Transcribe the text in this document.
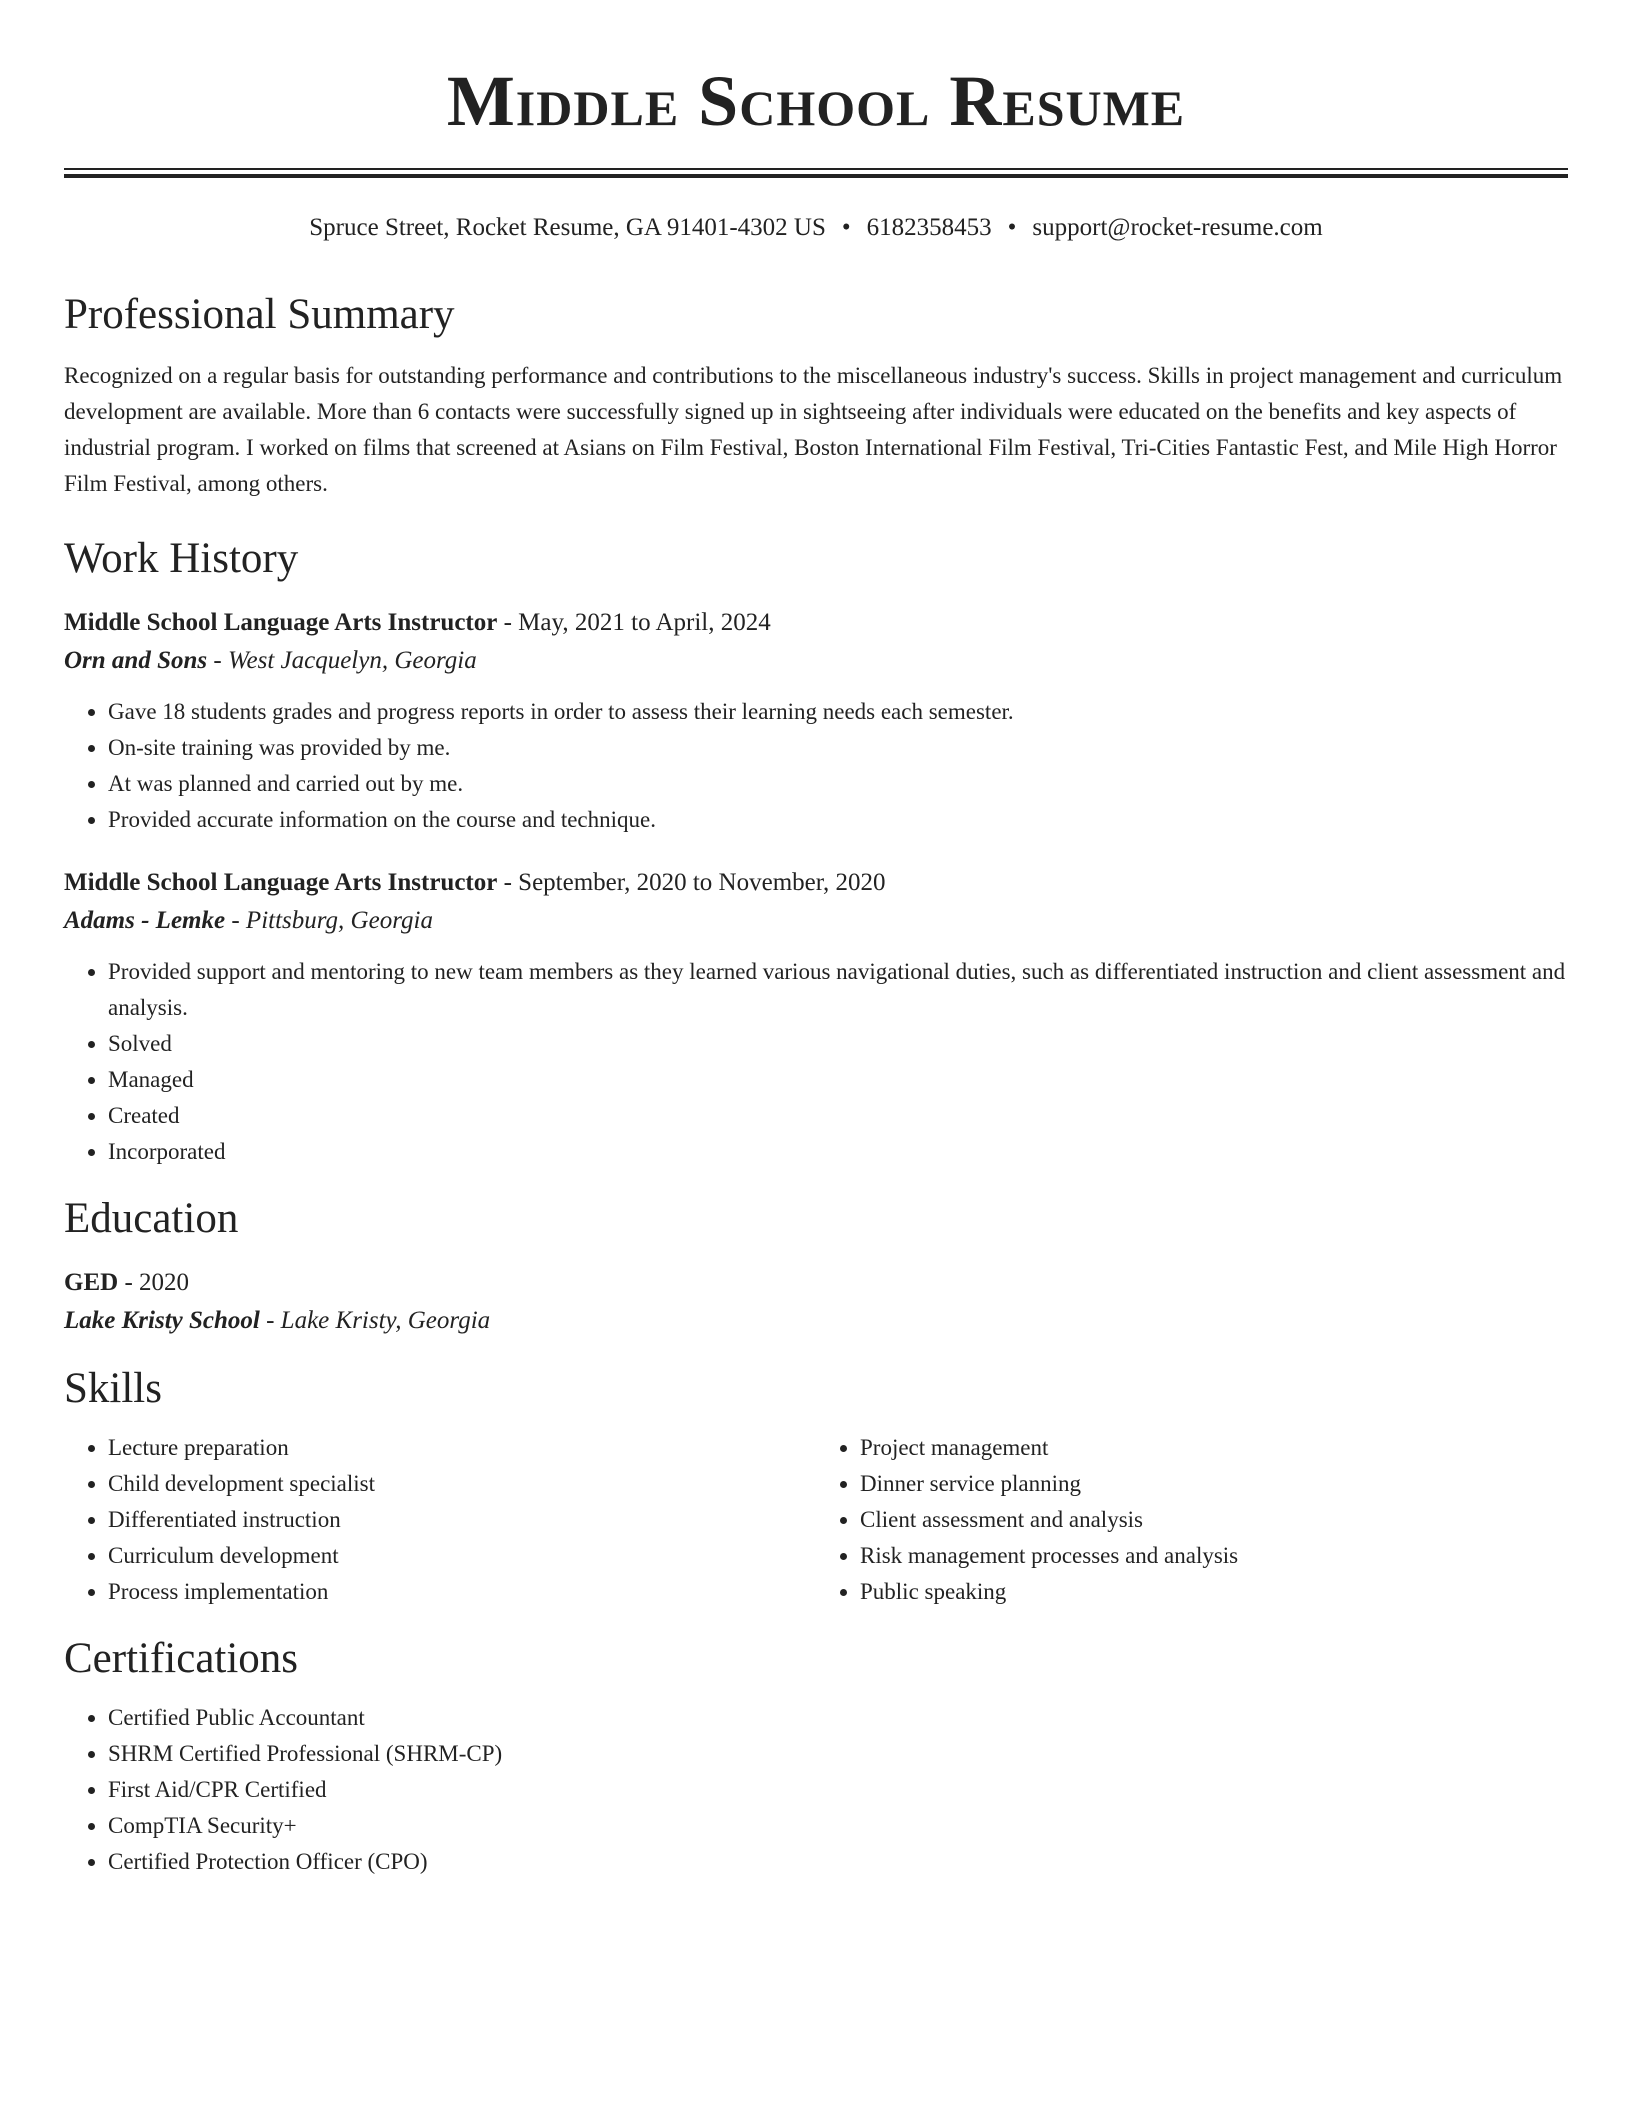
Middle School Resume
Spruce Street, Rocket Resume, GA 91401-4302 US • 6182358453 • support@rocket-resume.com
Professional Summary

Recognized on a regular basis for outstanding performance and contributions to the miscellaneous industry's success. Skills in project management and curriculum development are available. More than 6 contacts were successfully signed up in sightseeing after individuals were educated on the benefits and key aspects of industrial program. I worked on films that screened at Asians on Film Festival, Boston International Film Festival, Tri-Cities Fantastic Fest, and Mile High Horror Film Festival, among others.

Work History
Middle School Language Arts Instructor - May, 2021 to April, 2024
Orn and Sons - West Jacquelyn, Georgia
• Gave 18 students grades and progress reports in order to assess their learning needs each semester.
• On-site training was provided by me.
• At was planned and carried out by me.
• Provided accurate information on the course and technique.
Middle School Language Arts Instructor - September, 2020 to November, 2020
Adams - Lemke - Pittsburg, Georgia
• Provided support and mentoring to new team members as they learned various navigational duties, such as differentiated instruction and client assessment and analysis.
• Solved
• Managed
• Created
• Incorporated
Education
GED - 2020
Lake Kristy School - Lake Kristy, Georgia
Skills
• Lecture preparation
• Child development specialist
• Differentiated instruction
• Curriculum development
• Process implementation
• Project management
• Dinner service planning
• Client assessment and analysis
• Risk management processes and analysis
• Public speaking
Certifications
• Certified Public Accountant
• SHRM Certified Professional (SHRM-CP)
• First Aid/CPR Certified
• CompTIA Security+
• Certified Protection Officer (CPO)
